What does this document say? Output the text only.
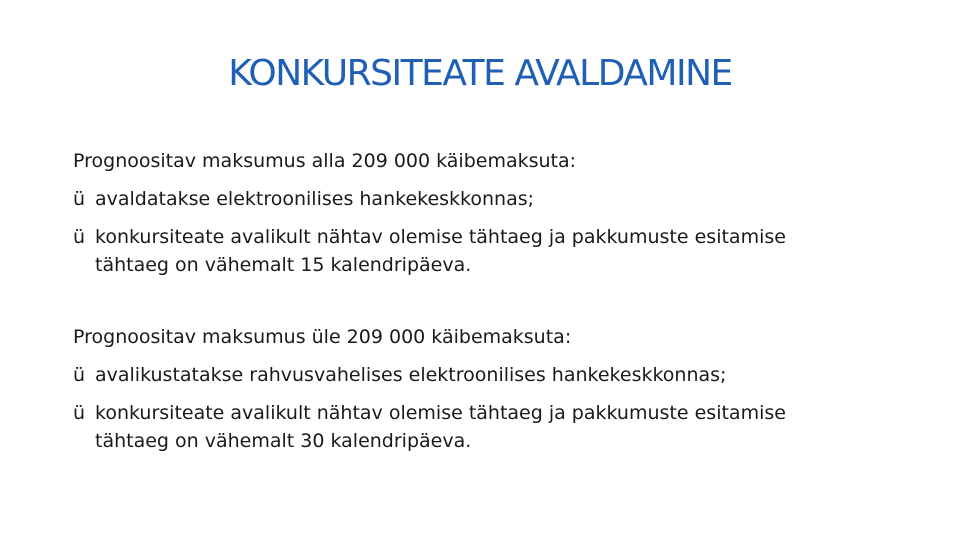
KONKURSITEATE AVALDAMINE
Prognoositav maksumus alla 209 000 käibemaksuta:
ü avaldatakse elektroonilises hankekeskkonnas;
ü konkursiteate avalikult nähtav olemise tähtaeg ja pakkumuste esitamise tähtaeg on vähemalt 15 kalendripäeva.
Prognoositav maksumus üle 209 000 käibemaksuta:
ü avalikustatakse rahvusvahelises elektroonilises hankekeskkonnas;
ü konkursiteate avalikult nähtav olemise tähtaeg ja pakkumuste esitamise tähtaeg on vähemalt 30 kalendripäeva.
